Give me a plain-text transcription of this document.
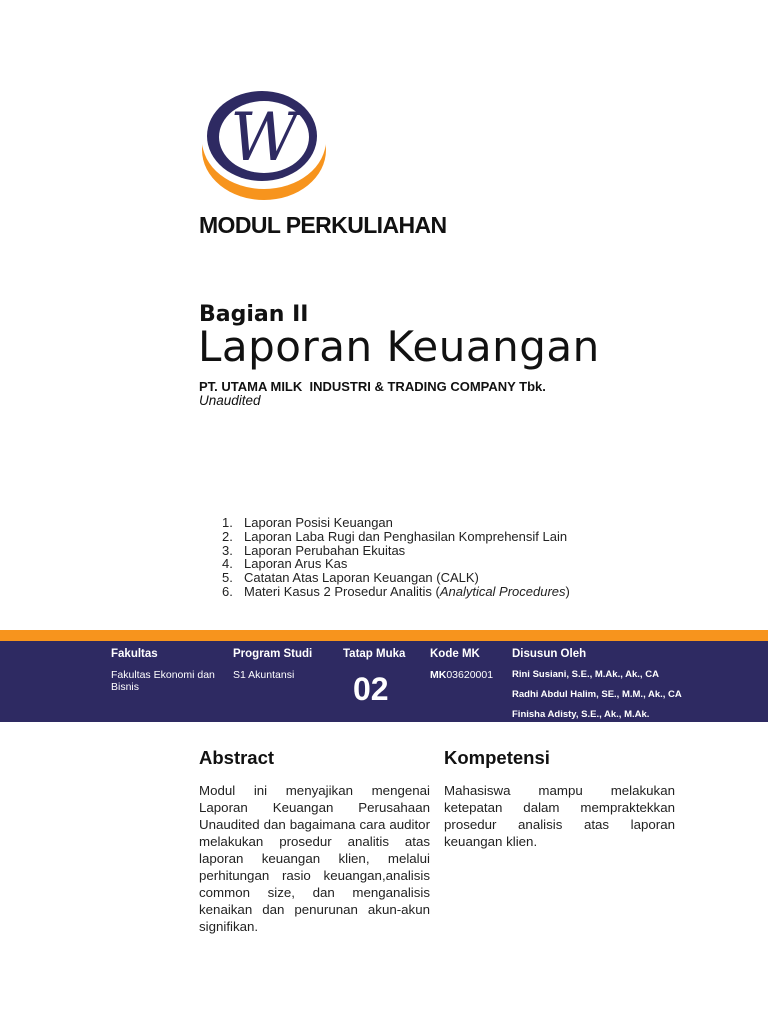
W
MODUL PERKULIAHAN
Bagian II
Laporan Keuangan
PT. UTAMA MILK  INDUSTRI & TRADING COMPANY Tbk.
Unaudited
1. Laporan Posisi Keuangan
2. Laporan Laba Rugi dan Penghasilan Komprehensif Lain
3. Laporan Perubahan Ekuitas
4. Laporan Arus Kas
5. Catatan Atas Laporan Keuangan (CALK)
6. Materi Kasus 2 Prosedur Analitis (Analytical Procedures)
Fakultas
Fakultas Ekonomi dan Bisnis
Program Studi
S1 Akuntansi
Tatap Muka
02
Kode MK
MK03620001
Disusun Oleh
Rini Susiani, S.E., M.Ak., Ak., CA
Radhi Abdul Halim, SE., M.M., Ak., CA
Finisha Adisty, S.E., Ak., M.Ak.
Abstract

Modul ini menyajikan mengenai Laporan Keuangan Perusahaan Unaudited dan bagaimana cara auditor melakukan prosedur analitis atas laporan keuangan klien, melalui perhitungan rasio keuangan,analisis common size, dan menganalisis kenaikan dan penurunan akun-akun signifikan.

Kompetensi

Mahasiswa mampu melakukan ketepatan dalam mempraktekkan prosedur analisis atas laporan keuangan klien.
